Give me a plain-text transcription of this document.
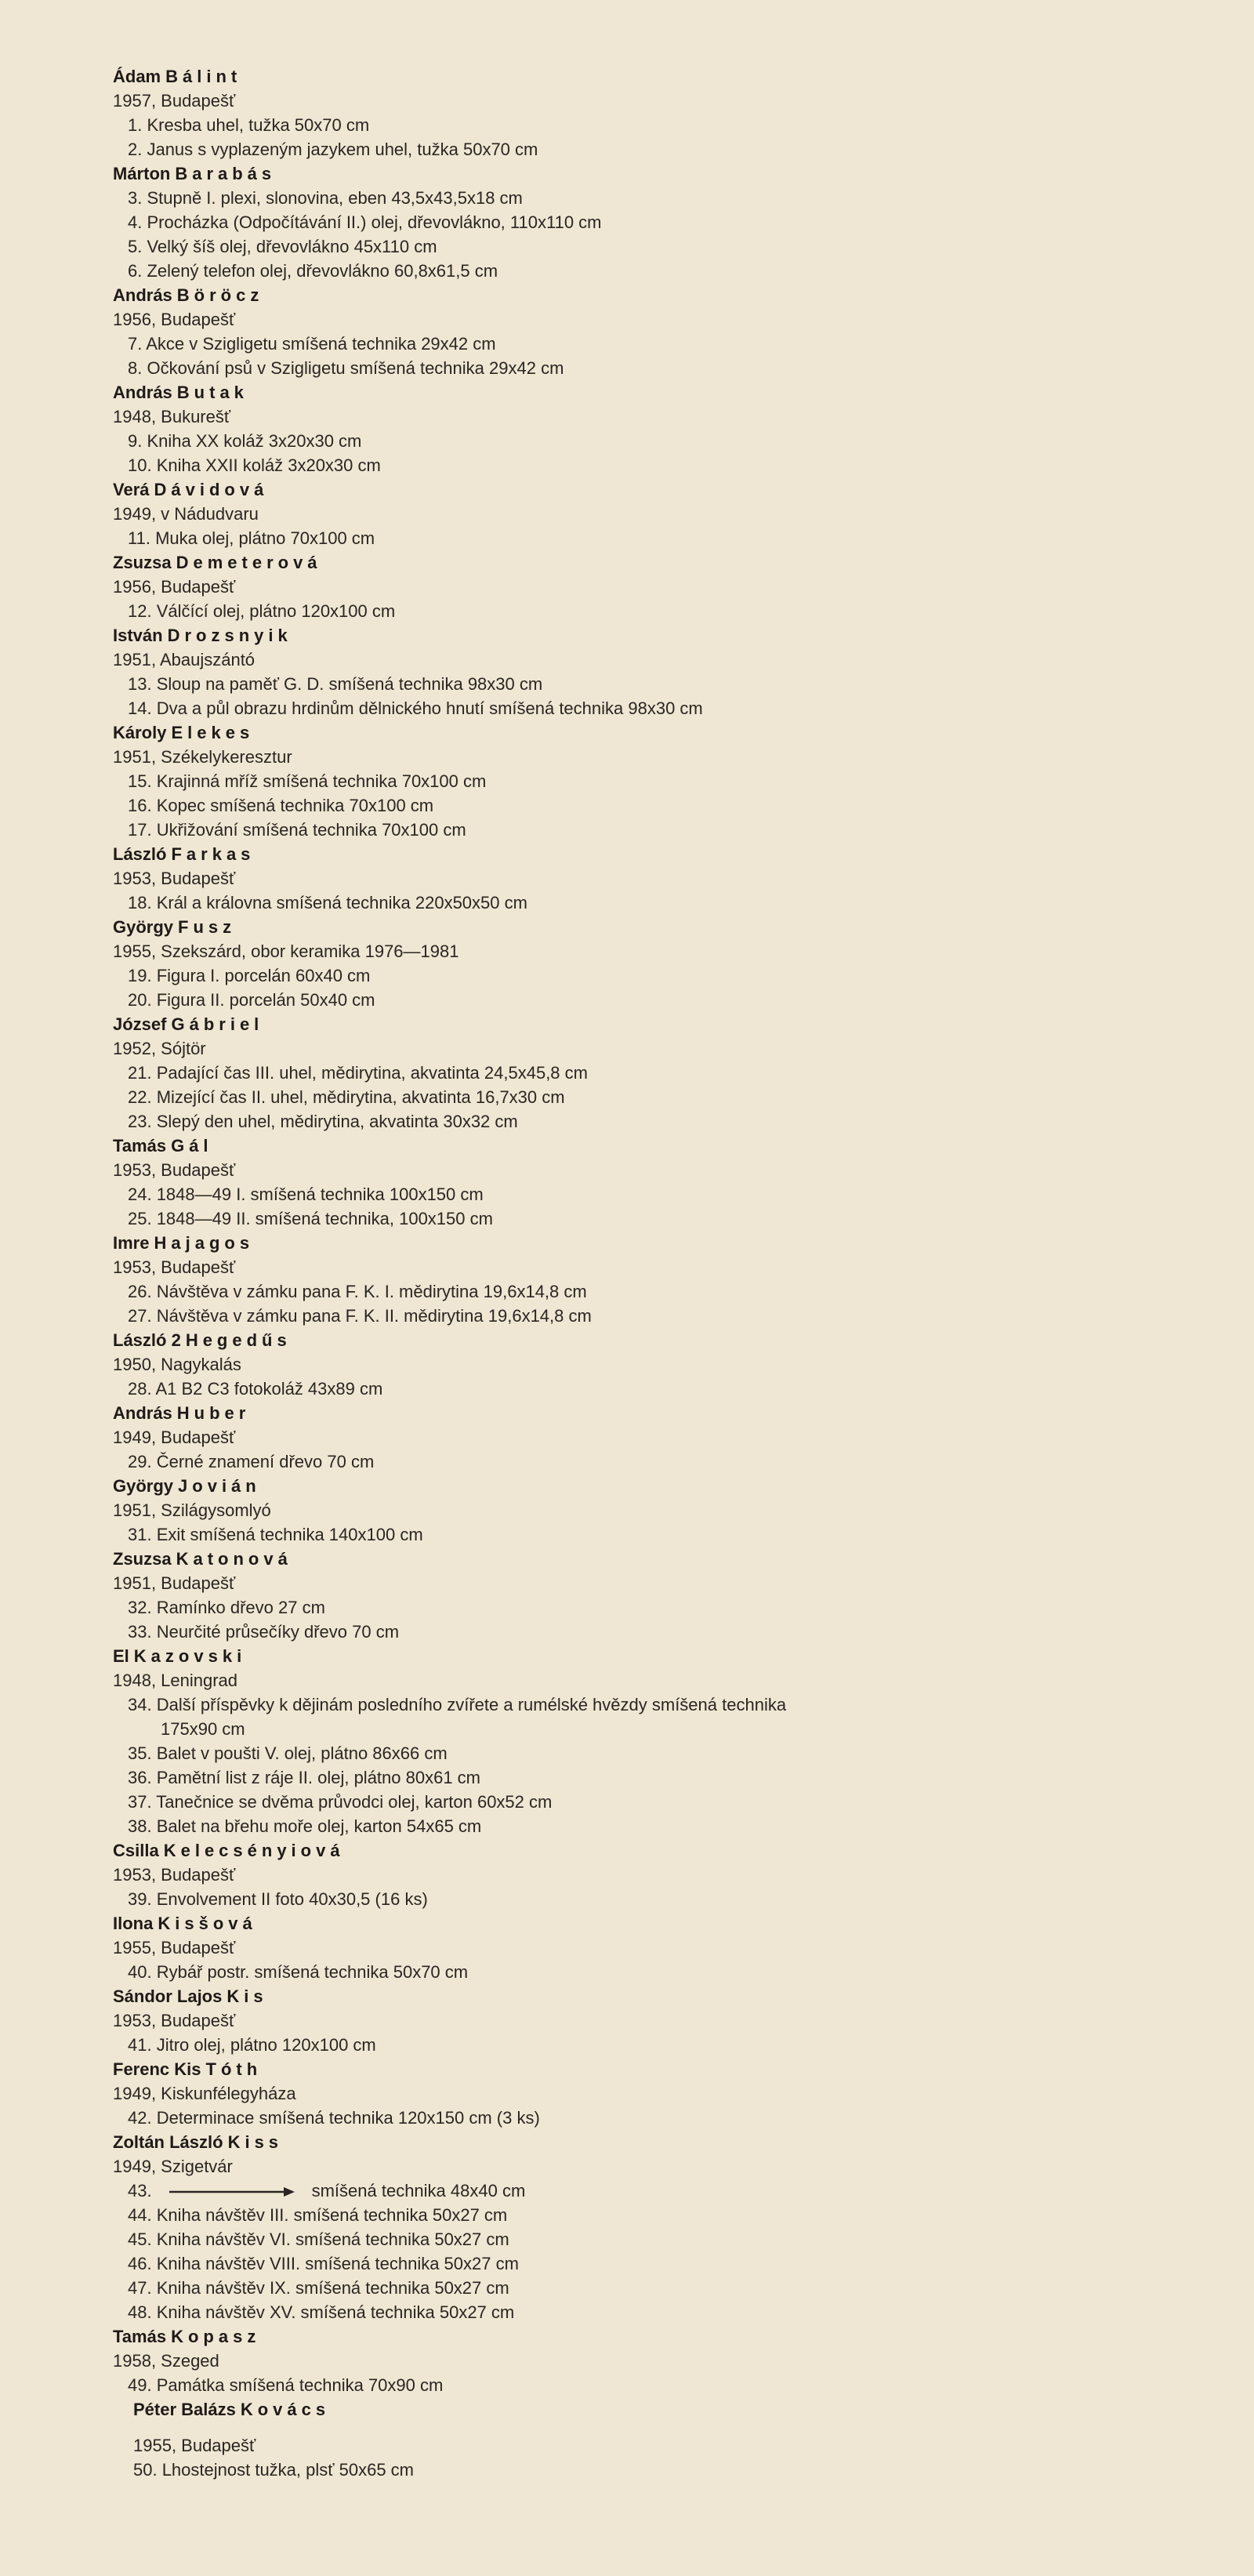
Ádam Bálint
1957, Budapešť
1. Kresba uhel, tužka 50x70 cm
2. Janus s vyplazeným jazykem uhel, tužka 50x70 cm
Márton Barabás
3. Stupně I. plexi, slonovina, eben 43,5x43,5x18 cm
4. Procházka (Odpočítávání II.) olej, dřevovlákno, 110x110 cm
5. Velký šíš olej, dřevovlákno 45x110 cm
6. Zelený telefon olej, dřevovlákno 60,8x61,5 cm
András Böröcz
1956, Budapešť
7. Akce v Szigligetu smíšená technika 29x42 cm
8. Očkování psů v Szigligetu smíšená technika 29x42 cm
András Butak
1948, Bukurešť
9. Kniha XX koláž 3x20x30 cm
10. Kniha XXII koláž 3x20x30 cm
Verá Dávidová
1949, v Nádudvaru
11. Muka olej, plátno 70x100 cm
Zsuzsa Demeterová
1956, Budapešť
12. Válčící olej, plátno 120x100 cm
István Drozsnyik
1951, Abaujszántó
13. Sloup na paměť G. D. smíšená technika 98x30 cm
14. Dva a půl obrazu hrdinům dělnického hnutí smíšená technika 98x30 cm
Károly Elekes
1951, Székelykeresztur
15. Krajinná mříž smíšená technika 70x100 cm
16. Kopec smíšená technika 70x100 cm
17. Ukřižování smíšená technika 70x100 cm
László Farkas
1953, Budapešť
18. Král a královna smíšená technika 220x50x50 cm
György Fusz
1955, Szekszárd, obor keramika 1976—1981
19. Figura I. porcelán 60x40 cm
20. Figura II. porcelán 50x40 cm
József Gábriel
1952, Sójtör
21. Padající čas III. uhel, mědirytina, akvatinta 24,5x45,8 cm
22. Mizející čas II. uhel, mědirytina, akvatinta 16,7x30 cm
23. Slepý den uhel, mědirytina, akvatinta 30x32 cm
Tamás Gál
1953, Budapešť
24. 1848—49 I. smíšená technika 100x150 cm
25. 1848—49 II. smíšená technika, 100x150 cm
Imre Hajagos
1953, Budapešť
26. Návštěva v zámku pana F. K. I. mědirytina 19,6x14,8 cm
27. Návštěva v zámku pana F. K. II. mědirytina 19,6x14,8 cm
László 2 Hegedűs
1950, Nagykalás
28. A1 B2 C3 fotokoláž 43x89 cm
András Huber
1949, Budapešť
29. Černé znamení dřevo 70 cm
György Jovián
1951, Szilágysomlyó
31. Exit smíšená technika 140x100 cm
Zsuzsa Katonová
1951, Budapešť
32. Ramínko dřevo 27 cm
33. Neurčité průsečíky dřevo 70 cm
El Kazovski
1948, Leningrad
34. Další příspěvky k dějinám posledního zvířete a rumélské hvězdy smíšená technika
175x90 cm
35. Balet v poušti V. olej, plátno 86x66 cm
36. Pamětní list z ráje II. olej, plátno 80x61 cm
37. Tanečnice se dvěma průvodci olej, karton 60x52 cm
38. Balet na břehu moře olej, karton 54x65 cm
Csilla Kelecsényiová
1953, Budapešť
39. Envolvement II foto 40x30,5 (16 ks)
Ilona Kisšová
1955, Budapešť
40. Rybář postr. smíšená technika 50x70 cm
Sándor Lajos Kis
1953, Budapešť
41. Jitro olej, plátno 120x100 cm
Ferenc Kis Tóth
1949, Kiskunfélegyháza
42. Determinace smíšená technika 120x150 cm (3 ks)
Zoltán László Kiss
1949, Szigetvár
43.	smíšená technika 48x40 cm
44. Kniha návštěv III. smíšená technika 50x27 cm
45. Kniha návštěv VI. smíšená technika 50x27 cm
46. Kniha návštěv VIII. smíšená technika 50x27 cm
47. Kniha návštěv IX. smíšená technika 50x27 cm
48. Kniha návštěv XV. smíšená technika 50x27 cm
Tamás Kopasz
1958, Szeged
49. Památka smíšená technika 70x90 cm
Péter Balázs Kovács
1955, Budapešť
50. Lhostejnost tužka, plsť 50x65 cm
